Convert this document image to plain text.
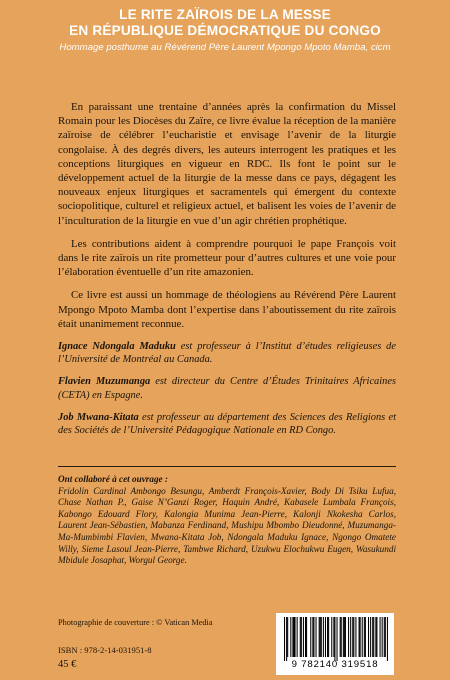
LE RITE ZAÏROIS DE LA MESSE
EN RÉPUBLIQUE DÉMOCRATIQUE DU CONGO
Hommage posthume au Révérend Père Laurent Mpongo Mpoto Mamba, cicm

En paraissant une trentaine d’années après la confirmation du Missel Romain pour les Diocèses du Zaïre, ce livre évalue la réception de la manière zaïroise de célébrer l’eucharistie et envisage l’avenir de la liturgie congolaise. À des degrés divers, les auteurs interrogent les pratiques et les conceptions liturgiques en vigueur en RDC. Ils font le point sur le développement actuel de la liturgie de la messe dans ce pays, dégagent les nouveaux enjeux liturgiques et sacramentels qui émergent du contexte sociopolitique, culturel et religieux actuel, et balisent les voies de l’avenir de l’inculturation de la liturgie en vue d’un agir chrétien prophétique.

Les contributions aident à comprendre pourquoi le pape François voit dans le rite zaïrois un rite prometteur pour d’autres cultures et une voie pour l’élaboration éventuelle d’un rite amazonien.

Ce livre est aussi un hommage de théologiens au Révérend Père Laurent Mpongo Mpoto Mamba dont l’expertise dans l’aboutissement du rite zaïrois était unanimement reconnue.

Ignace Ndongala Maduku est professeur à l’Institut d’études religieuses de l’Université de Montréal au Canada.

Flavien Muzumanga est directeur du Centre d’Études Trinitaires Africaines (CETA) en Espagne.

Job Mwana-Kitata est professeur au département des Sciences des Religions et des Sociétés de l’Université Pédagogique Nationale en RD Congo.

Ont collaboré à cet ouvrage :
Fridolin Cardinal Ambongo Besungu, Amberdt François-Xavier, Body Di Tsiku Lufua, Chase Nathan P., Gaise N’Ganzi Roger, Haquin André, Kabasele Lumbala François, Kabongo Edouard Flory, Kalongia Munima Jean-Pierre, Kalonji Nkokesha Carlos, Laurent Jean-Sébastien, Mabanza Ferdinand, Mushipu Mbombo Dieudonné, Muzumanga-Ma-Mumbimbi Flavien, Mwana-Kitata Job, Ndongala Maduku Ignace, Ngongo Omatete Willy, Sieme Lasoul Jean-Pierre, Tambwe Richard, Uzukwu Elochukwu Eugen, Wasukundi Mbidule Josaphat, Worgul George.
Photographie de couverture : © Vatican Media
ISBN : 978-2-14-031951-8
45 €	9 782140 319518
